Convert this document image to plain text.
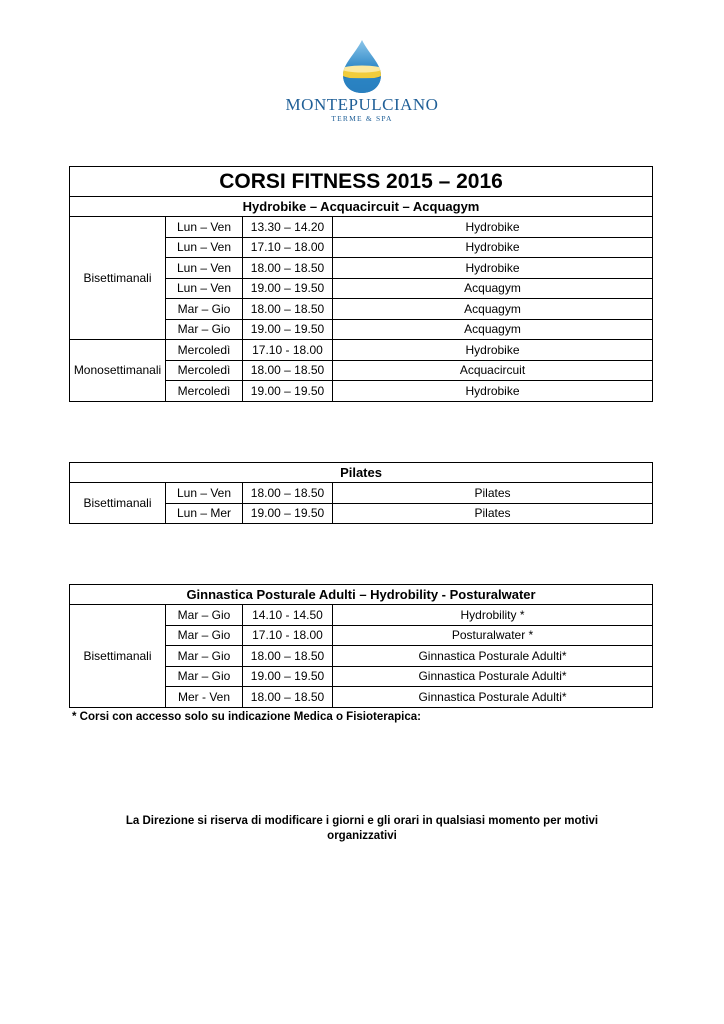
MONTEPULCIANO
TERME & SPA
CORSI FITNESS 2015 – 2016			
Hydrobike – Acquacircuit – Acquagym			
Bisettimanali	Lun – Ven	13.30 – 14.20	Hydrobike
	Lun – Ven	17.10 – 18.00	Hydrobike
	Lun – Ven	18.00 – 18.50	Hydrobike
	Lun – Ven	19.00 – 19.50	Acquagym
	Mar – Gio	18.00 – 18.50	Acquagym
	Mar – Gio	19.00 – 19.50	Acquagym
Monosettimanali	Mercoledì	17.10 - 18.00	Hydrobike
	Mercoledì	18.00 – 18.50	Acquacircuit
	Mercoledì	19.00 – 19.50	Hydrobike
Pilates			
Bisettimanali	Lun – Ven	18.00 – 18.50	Pilates
	Lun – Mer	19.00 – 19.50	Pilates
Ginnastica Posturale Adulti – Hydrobility - Posturalwater			
Bisettimanali	Mar – Gio	14.10 - 14.50	Hydrobility *
	Mar – Gio	17.10 - 18.00	Posturalwater *
	Mar – Gio	18.00 – 18.50	Ginnastica Posturale Adulti*
	Mar – Gio	19.00 – 19.50	Ginnastica Posturale Adulti*
	Mer - Ven	18.00 – 18.50	Ginnastica Posturale Adulti*
* Corsi con accesso solo su indicazione Medica o Fisioterapica:
La Direzione si riserva di modificare i giorni e gli orari in qualsiasi momento per motivi organizzativi
